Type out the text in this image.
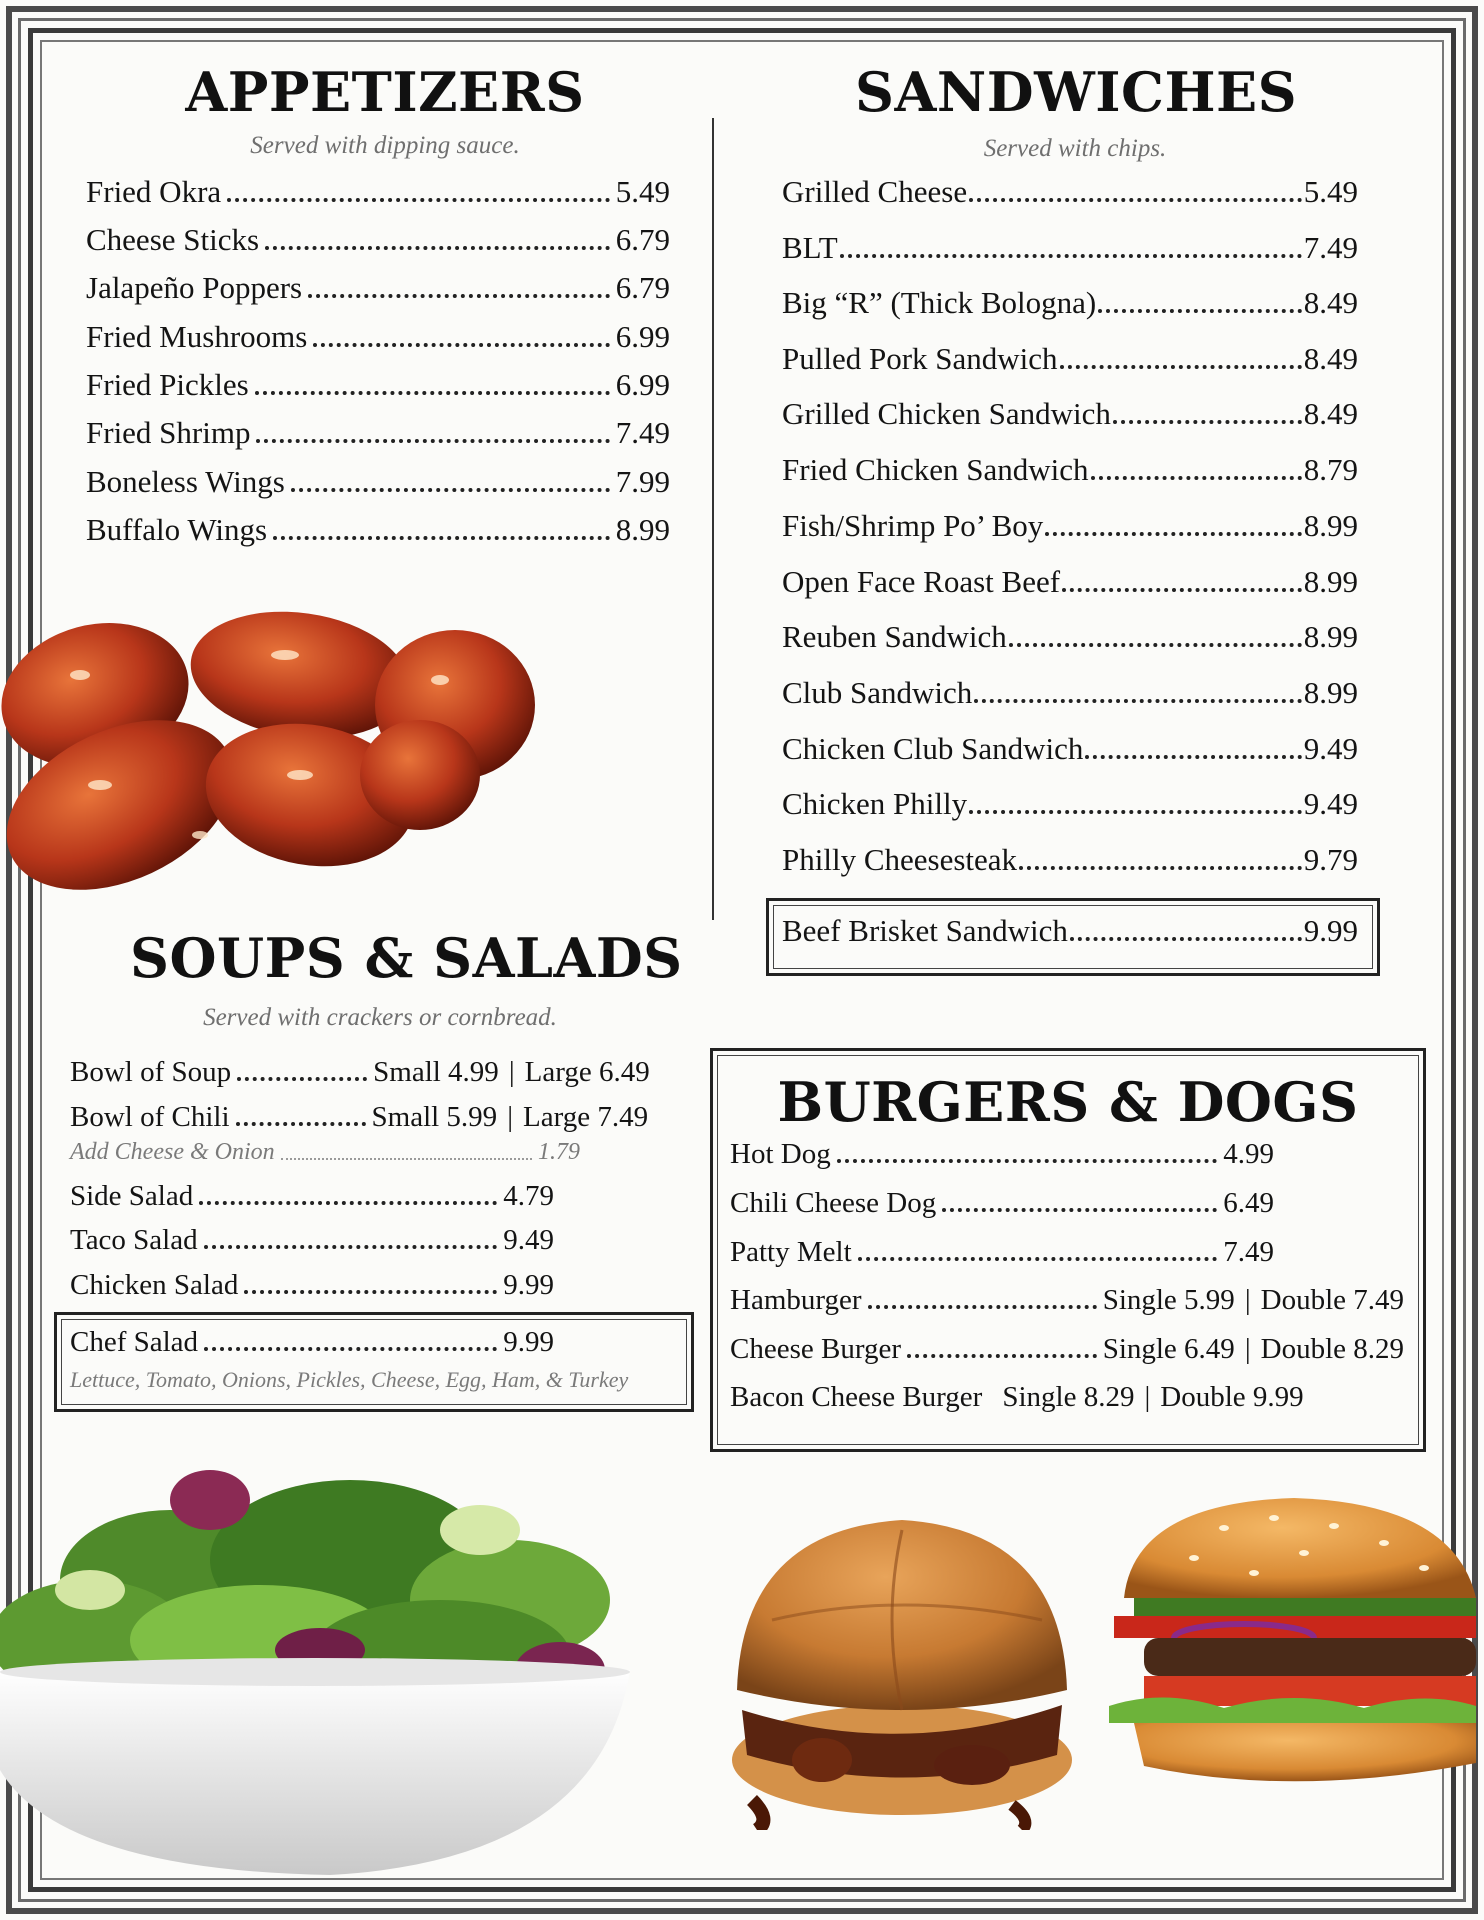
APPETIZERS
Served with dipping sauce.
Fried Okra	5.49
Cheese Sticks	6.79
Jalapeño Poppers	6.79
Fried Mushrooms	6.99
Fried Pickles	6.99
Fried Shrimp	7.49
Boneless Wings	7.99
Buffalo Wings	8.99
SANDWICHES
Served with chips.
Grilled Cheese	5.49
BLT	7.49
Big “R” (Thick Bologna)	8.49
Pulled Pork Sandwich	8.49
Grilled Chicken Sandwich	8.49
Fried Chicken Sandwich	8.79
Fish/Shrimp Po’ Boy	8.99
Open Face Roast Beef	8.99
Reuben Sandwich	8.99
Club Sandwich	8.99
Chicken Club Sandwich	9.49
Chicken Philly	9.49
Philly Cheesesteak	9.79
Beef Brisket Sandwich	9.99
SOUPS & SALADS
Served with crackers or cornbread.
Bowl of Soup	Small 4.99 | Large 6.49
Bowl of Chili	Small 5.99 | Large 7.49
Add Cheese & Onion	1.79
Side Salad	4.79
Taco Salad	9.49
Chicken Salad	9.99
Chef Salad	9.99
Lettuce, Tomato, Onions, Pickles, Cheese, Egg, Ham, & Turkey
BURGERS & DOGS
Hot Dog	4.99
Chili Cheese Dog	6.49
Patty Melt	7.49
Hamburger	Single 5.99 | Double 7.49
Cheese Burger	Single 6.49 | Double 8.29
Bacon Cheese Burger Single 8.29 | Double 9.99
